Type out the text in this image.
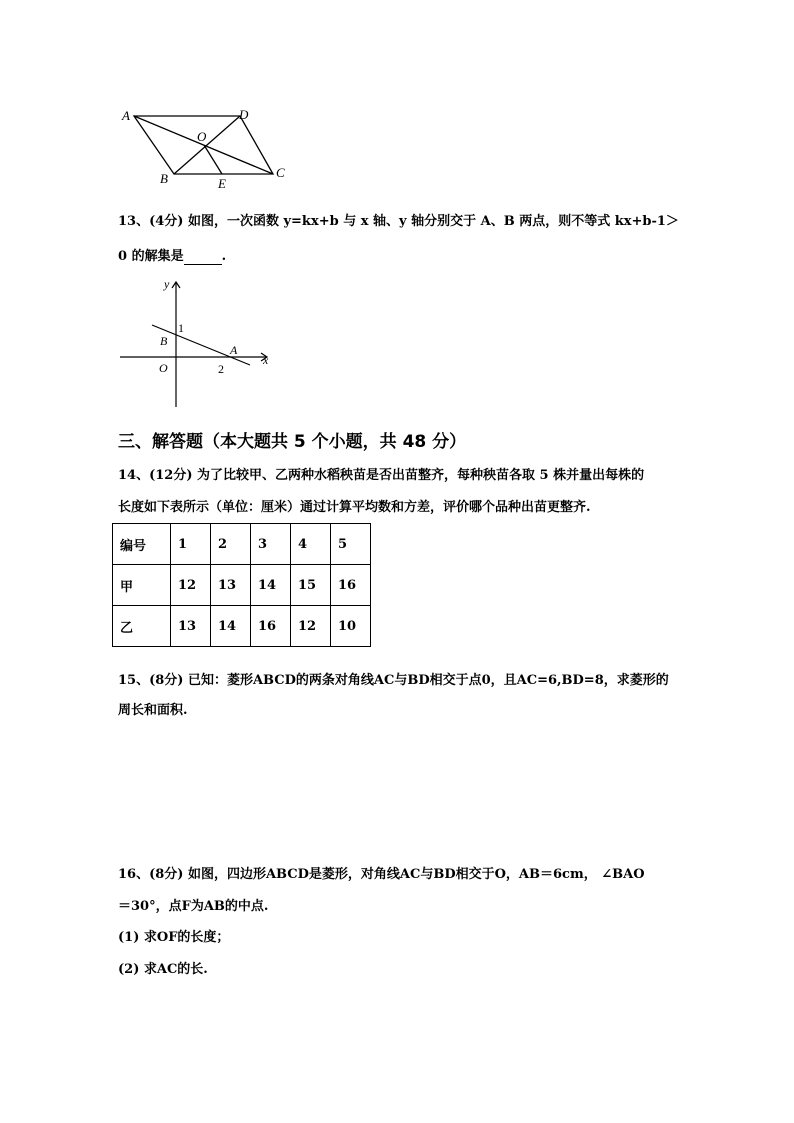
A	D
O
B	E
C
13、(4分) 如图，一次函数 y=kx+b 与 x 轴、y 轴分别交于 A、B 两点，则不等式 kx+b-1＞
0 的解集是	.
y
1
B
A
x
O	2
三、解答题（本大题共 5 个小题，共 48 分）
14、(12分) 为了比较甲、乙两种水稻秧苗是否出苗整齐，每种秧苗各取 5 株并量出每株的
长度如下表所示（单位：厘米）通过计算平均数和方差，评价哪个品种出苗更整齐.
编号	1	2	3	4	5
甲	12	13	14	15	16
乙	13	14	16	12	10
15、(8分) 已知：菱形ABCD的两条对角线AC与BD相交于点0，且AC=6,BD=8，求菱形的
周长和面积.
16、(8分) 如图，四边形ABCD是菱形，对角线AC与BD相交于O，AB＝6cm， ∠BAO
＝30°，点F为AB的中点.
(1) 求OF的长度；
(2) 求AC的长.
